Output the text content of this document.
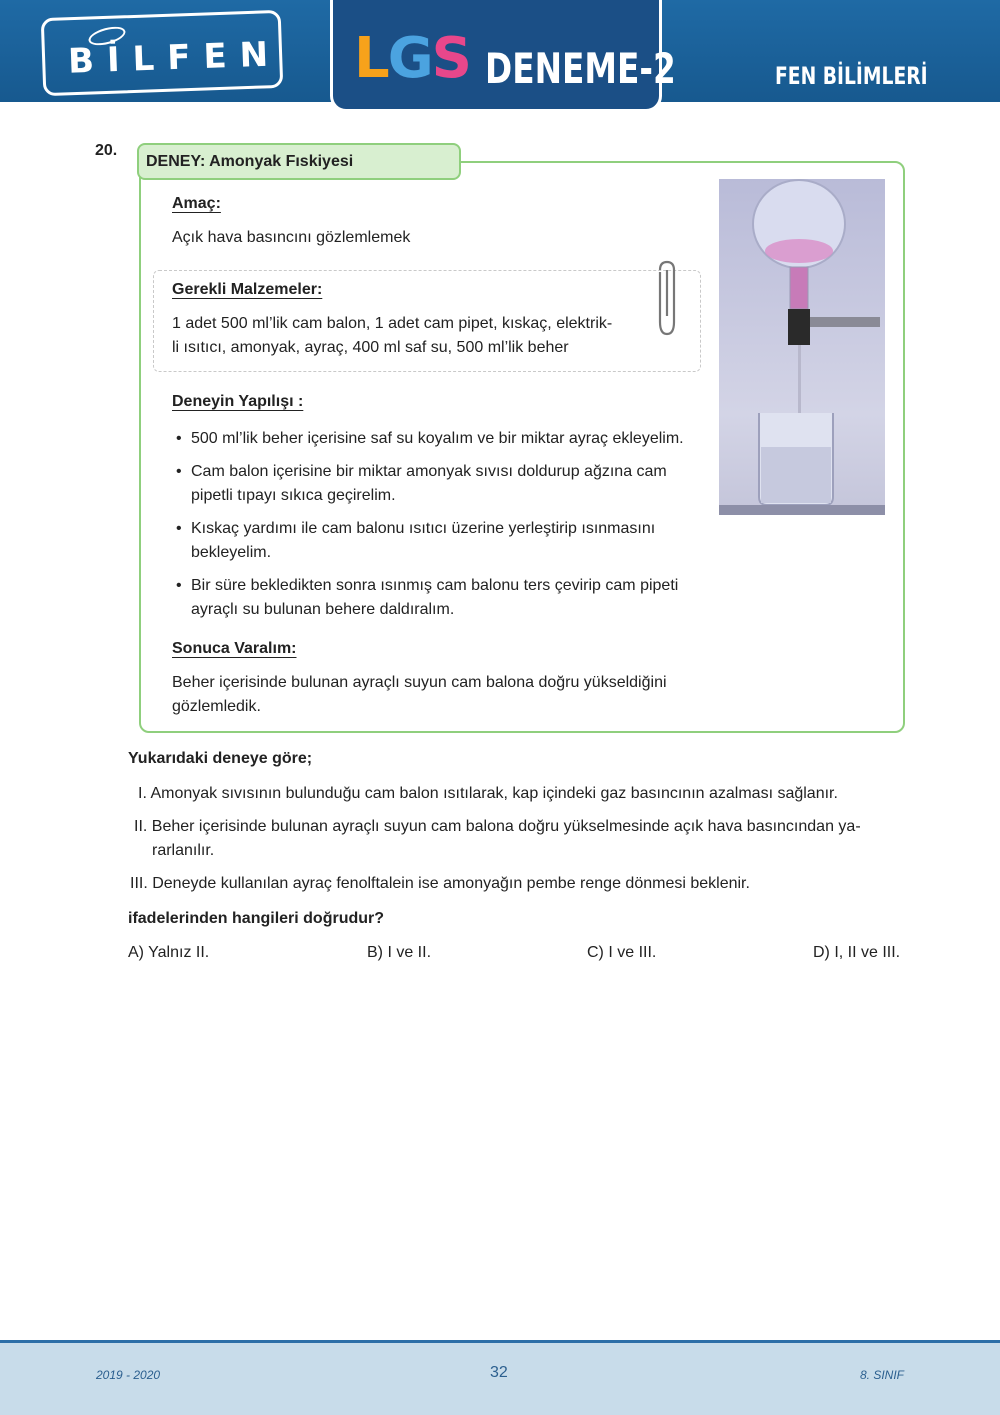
BİLFEN LGS DENEME-2	FEN BİLİMLERİ
20.
DENEY: Amonyak Fıskiyesi
Amaç:
Açık hava basıncını gözlemlemek
Gerekli Malzemeler:
1 adet 500 ml’lik cam balon, 1 adet cam pipet, kıskaç, elektrik-
li ısıtıcı, amonyak, ayraç, 400 ml saf su, 500 ml’lik beher
Deneyin Yapılışı :
• 500 ml’lik beher içerisine saf su koyalım ve bir miktar ayraç ekleyelim.
• Cam balon içerisine bir miktar amonyak sıvısı doldurup ağzına cam
pipetli tıpayı sıkıca geçirelim.
• Kıskaç yardımı ile cam balonu ısıtıcı üzerine yerleştirip ısınmasını
bekleyelim.
• Bir süre bekledikten sonra ısınmış cam balonu ters çevirip cam pipeti
ayraçlı su bulunan behere daldıralım.
Sonuca Varalım:
Beher içerisinde bulunan ayraçlı suyun cam balona doğru yükseldiğini
gözlemledik.
Yukarıdaki deneye göre;
I. Amonyak sıvısının bulunduğu cam balon ısıtılarak, kap içindeki gaz basıncının azalması sağlanır.
II. Beher içerisinde bulunan ayraçlı suyun cam balona doğru yükselmesinde açık hava basıncından ya-
rarlanılır.
III. Deneyde kullanılan ayraç fenolftalein ise amonyağın pembe renge dönmesi beklenir.
ifadelerinden hangileri doğrudur?
A) Yalnız II.	B) I ve II.	C) I ve III.	D) I, II ve III.
2019 - 2020	32	8. SINIF
